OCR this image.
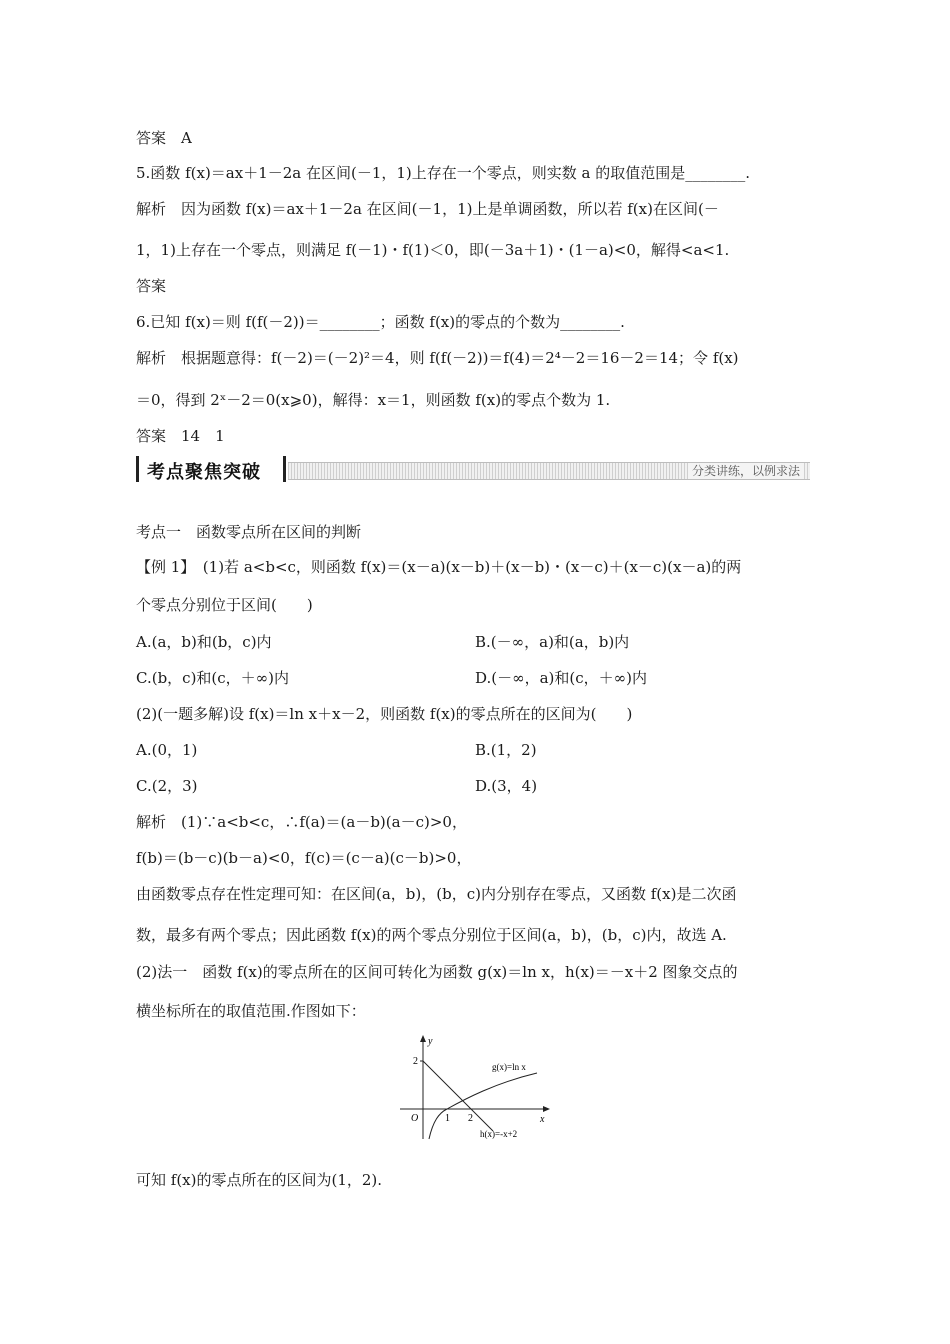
答案　A
5.函数 f(x)＝ax＋1－2a 在区间(－1，1)上存在一个零点，则实数 a 的取值范围是________.
解析　因为函数 f(x)＝ax＋1－2a 在区间(－1，1)上是单调函数，所以若 f(x)在区间(－
1，1)上存在一个零点，则满足 f(－1)・f(1)＜0，即(－3a＋1)・(1－a)<0，解得<a<1.
答案
6.已知 f(x)＝则 f(f(－2))＝________；函数 f(x)的零点的个数为________.
解析　根据题意得：f(－2)＝(－2)²＝4，则 f(f(－2))＝f(4)＝2⁴－2＝16－2＝14；令 f(x)
＝0，得到 2ˣ－2＝0(x⩾0)，解得：x＝1，则函数 f(x)的零点个数为 1.
答案　14　1
考点聚焦突破	分类讲练，以例求法
考点一　函数零点所在区间的判断
【例 1】　(1)若 a<b<c，则函数 f(x)＝(x－a)(x－b)＋(x－b)・(x－c)＋(x－c)(x－a)的两
个零点分别位于区间(　　)
A.(a，b)和(b，c)内	B.(－∞，a)和(a，b)内
C.(b，c)和(c，＋∞)内	D.(－∞，a)和(c，＋∞)内
(2)(一题多解)设 f(x)＝ln x＋x－2，则函数 f(x)的零点所在的区间为(　　)
A.(0，1)	B.(1，2)
C.(2，3)	D.(3，4)
解析　(1)∵a<b<c，∴f(a)＝(a－b)(a－c)>0，
f(b)＝(b－c)(b－a)<0，f(c)＝(c－a)(c－b)>0，
由函数零点存在性定理可知：在区间(a，b)，(b，c)内分别存在零点，又函数 f(x)是二次函
数，最多有两个零点；因此函数 f(x)的两个零点分别位于区间(a，b)，(b，c)内，故选 A.
(2)法一　函数 f(x)的零点所在的区间可转化为函数 g(x)＝ln x，h(x)＝－x＋2 图象交点的
横坐标所在的取值范围.作图如下：
y
x
O
2
1 2
g(x)=ln x
h(x)=-x+2
可知 f(x)的零点所在的区间为(1，2).
